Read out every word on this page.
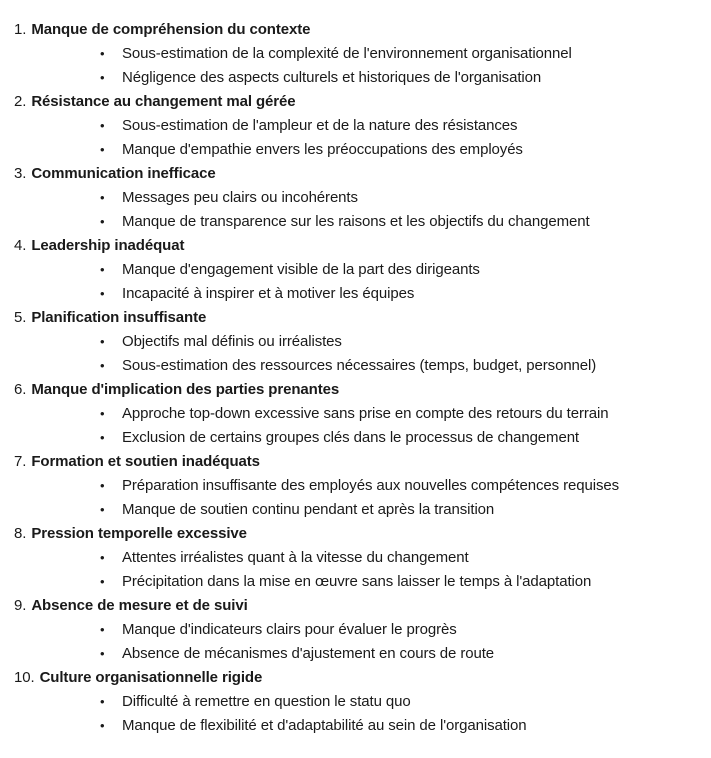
1. Manque de compréhension du contexte
•	Sous-estimation de la complexité de l'environnement organisationnel
•	Négligence des aspects culturels et historiques de l'organisation
2. Résistance au changement mal gérée
•	Sous-estimation de l'ampleur et de la nature des résistances
•	Manque d'empathie envers les préoccupations des employés
3. Communication inefficace
•	Messages peu clairs ou incohérents
•	Manque de transparence sur les raisons et les objectifs du changement
4. Leadership inadéquat
•	Manque d'engagement visible de la part des dirigeants
•	Incapacité à inspirer et à motiver les équipes
5. Planification insuffisante
•	Objectifs mal définis ou irréalistes
•	Sous-estimation des ressources nécessaires (temps, budget, personnel)
6. Manque d'implication des parties prenantes
•	Approche top-down excessive sans prise en compte des retours du terrain
•	Exclusion de certains groupes clés dans le processus de changement
7. Formation et soutien inadéquats
•	Préparation insuffisante des employés aux nouvelles compétences requises
•	Manque de soutien continu pendant et après la transition
8. Pression temporelle excessive
•	Attentes irréalistes quant à la vitesse du changement
•	Précipitation dans la mise en œuvre sans laisser le temps à l'adaptation
9. Absence de mesure et de suivi
•	Manque d'indicateurs clairs pour évaluer le progrès
•	Absence de mécanismes d'ajustement en cours de route
10. Culture organisationnelle rigide
•	Difficulté à remettre en question le statu quo
•	Manque de flexibilité et d'adaptabilité au sein de l'organisation
